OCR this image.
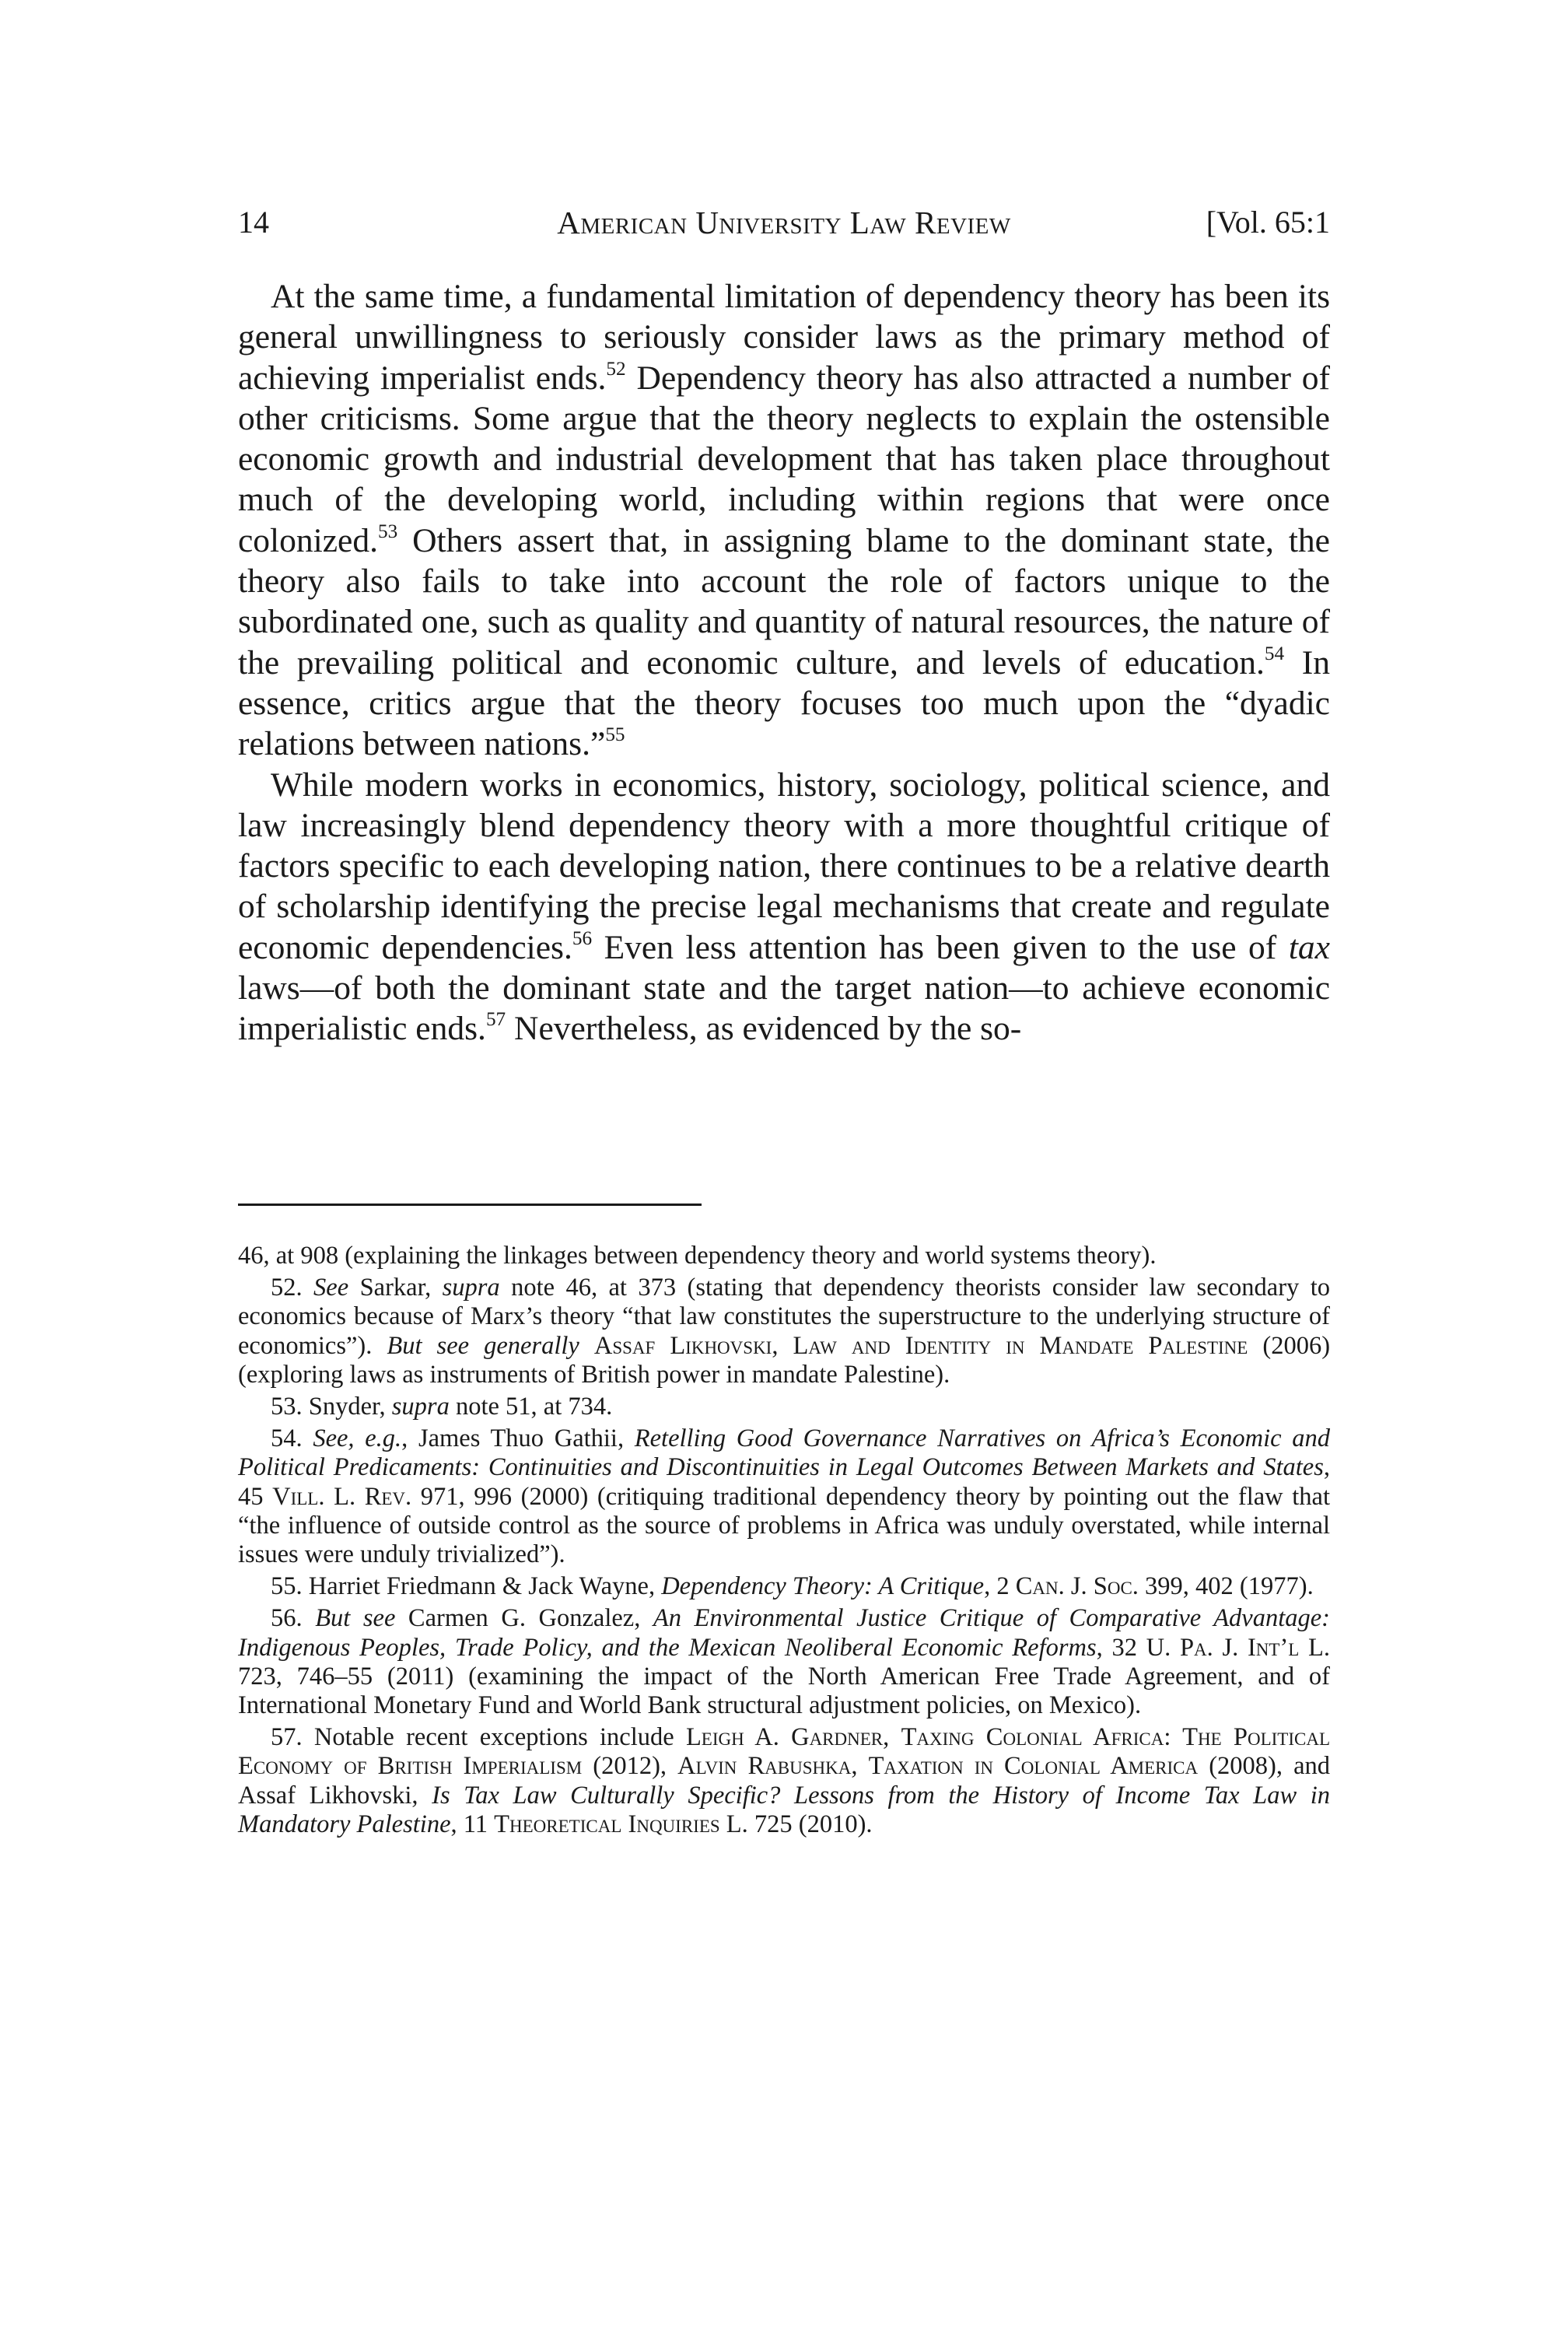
14	American University Law Review	[Vol. 65:1

At the same time, a fundamental limitation of dependency theory has been its general unwillingness to seriously consider laws as the primary method of achieving imperialist ends.$^{52}$ Dependency theory has also attracted a number of other criticisms. Some argue that the theory neglects to explain the ostensible economic growth and industrial development that has taken place throughout much of the developing world, including within regions that were once colonized.$^{53}$ Others assert that, in assigning blame to the dominant state, the theory also fails to take into account the role of factors unique to the subordinated one, such as quality and quantity of natural resources, the nature of the prevailing political and economic culture, and levels of education.$^{54}$ In essence, critics argue that the theory focuses too much upon the “dyadic relations between nations.”$^{55}$

While modern works in economics, history, sociology, political science, and law increasingly blend dependency theory with a more thoughtful critique of factors specific to each developing nation, there continues to be a relative dearth of scholarship identifying the precise legal mechanisms that create and regulate economic dependencies.$^{56}$ Even less attention has been given to the use of tax laws—of both the dominant state and the target nation—to achieve economic imperialistic ends.$^{57}$ Nevertheless, as evidenced by the so-

46, at 908 (explaining the linkages between dependency theory and world systems theory).

52. See Sarkar, supra note 46, at 373 (stating that dependency theorists consider law secondary to economics because of Marx’s theory “that law constitutes the superstructure to the underlying structure of economics”). But see generally Assaf Likhovski, Law and Identity in Mandate Palestine (2006) (exploring laws as instruments of British power in mandate Palestine).

53. Snyder, supra note 51, at 734.

54. See, e.g., James Thuo Gathii, Retelling Good Governance Narratives on Africa’s Economic and Political Predicaments: Continuities and Discontinuities in Legal Outcomes Between Markets and States, 45 Vill. L. Rev. 971, 996 (2000) (critiquing traditional dependency theory by pointing out the flaw that “the influence of outside control as the source of problems in Africa was unduly overstated, while internal issues were unduly trivialized”).

55. Harriet Friedmann & Jack Wayne, Dependency Theory: A Critique, 2 Can. J. Soc. 399, 402 (1977).

56. But see Carmen G. Gonzalez, An Environmental Justice Critique of Comparative Advantage: Indigenous Peoples, Trade Policy, and the Mexican Neoliberal Economic Reforms, 32 U. Pa. J. Int’l L. 723, 746–55 (2011) (examining the impact of the North American Free Trade Agreement, and of International Monetary Fund and World Bank structural adjustment policies, on Mexico).

57. Notable recent exceptions include Leigh A. Gardner, Taxing Colonial Africa: The Political Economy of British Imperialism (2012), Alvin Rabushka, Taxation in Colonial America (2008), and Assaf Likhovski, Is Tax Law Culturally Specific? Lessons from the History of Income Tax Law in Mandatory Palestine, 11 Theoretical Inquiries L. 725 (2010).
